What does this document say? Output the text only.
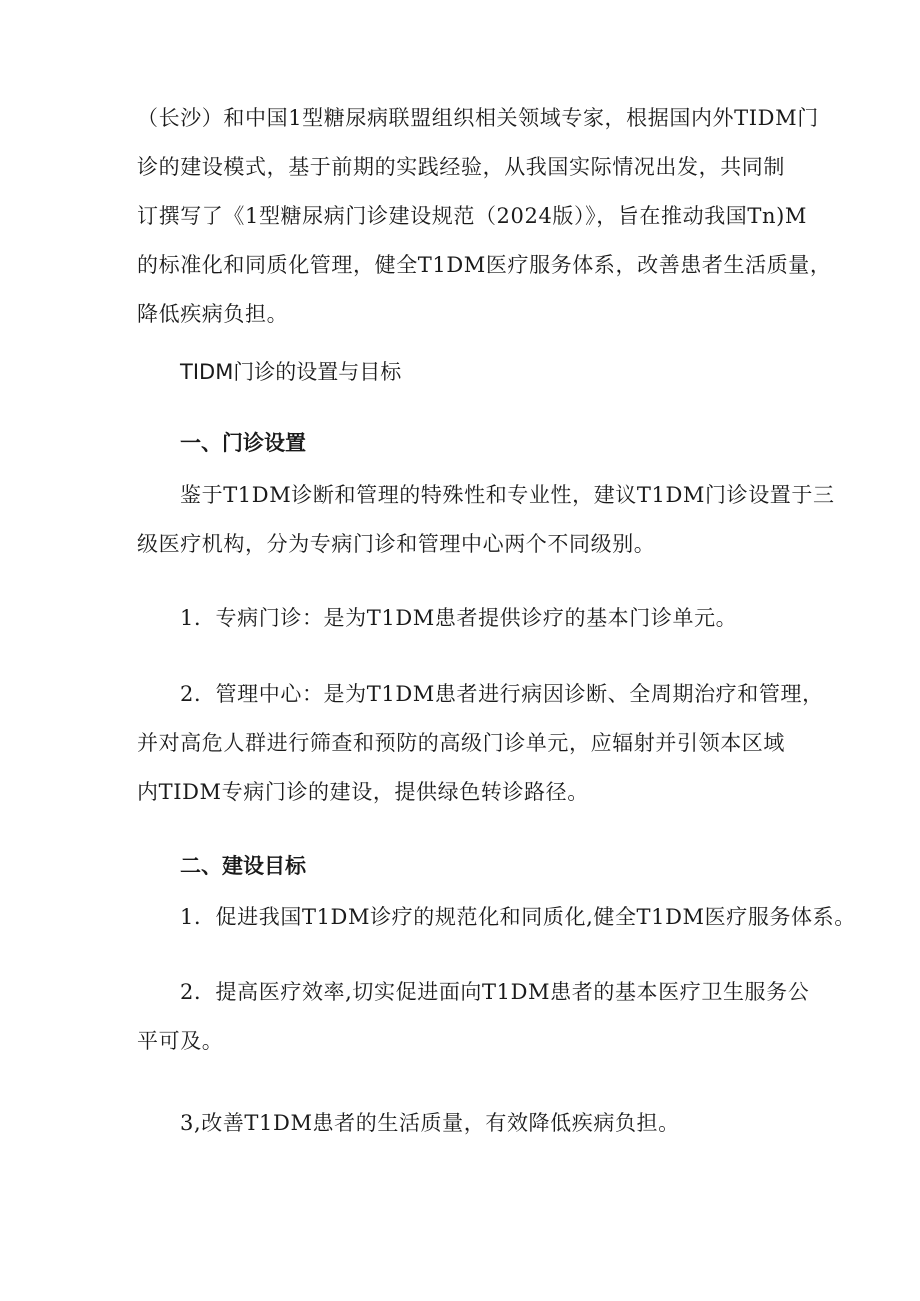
（长沙）和中国1型糖尿病联盟组织相关领域专家，根据国内外TIDM门
诊的建设模式，基于前期的实践经验，从我国实际情况出发，共同制
订撰写了《1型糖尿病门诊建设规范（2024版）》，旨在推动我国Tn)M
的标准化和同质化管理，健全T1DM医疗服务体系，改善患者生活质量，
降低疾病负担。
TIDM门诊的设置与目标
一、门诊设置
鉴于T1DM诊断和管理的特殊性和专业性，建议T1DM门诊设置于三
级医疗机构，分为专病门诊和管理中心两个不同级别。
1．专病门诊：是为T1DM患者提供诊疗的基本门诊单元。
2．管理中心：是为T1DM患者进行病因诊断、全周期治疗和管理，
并对高危人群进行筛查和预防的高级门诊单元，应辐射并引领本区域
内TIDM专病门诊的建设，提供绿色转诊路径。
二、建设目标
1．促进我国T1DM诊疗的规范化和同质化,健全T1DM医疗服务体系。
2．提高医疗效率,切实促进面向T1DM患者的基本医疗卫生服务公
平可及。
3,改善T1DM患者的生活质量，有效降低疾病负担。
